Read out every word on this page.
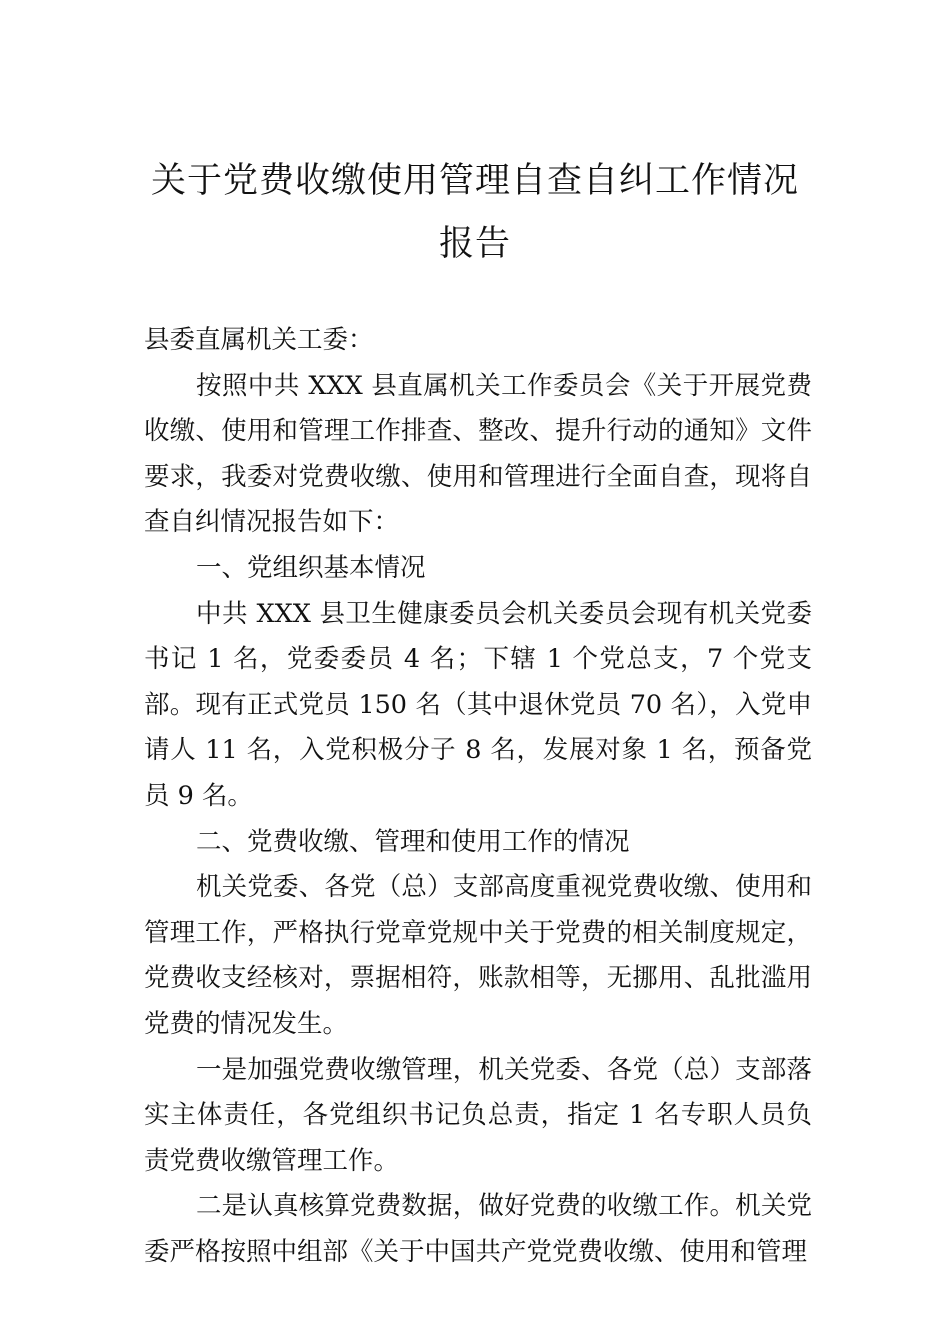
关于党费收缴使用管理自查自纠工作情况
报告

县委直属机关工委：

按照中共 XXX 县直属机关工作委员会《关于开展党费收缴、使用和管理工作排查、整改、提升行动的通知》文件要求，我委对党费收缴、使用和管理进行全面自查，现将自查自纠情况报告如下：

一、党组织基本情况

中共 XXX 县卫生健康委员会机关委员会现有机关党委书记 1 名，党委委员 4 名；下辖 1 个党总支，7 个党支部。现有正式党员 150 名（其中退休党员 70 名），入党申请人 11 名，入党积极分子 8 名，发展对象 1 名，预备党员 9 名。

二、党费收缴、管理和使用工作的情况

机关党委、各党（总）支部高度重视党费收缴、使用和管理工作，严格执行党章党规中关于党费的相关制度规定， 党费收支经核对，票据相符，账款相等，无挪用、乱批滥用党费的情况发生。

一是加强党费收缴管理，机关党委、各党（总）支部落实主体责任，各党组织书记负总责，指定 1 名专职人员负责党费收缴管理工作。

二是认真核算党费数据，做好党费的收缴工作。机关党委严格按照中组部《关于中国共产党党费收缴、使用和管理
